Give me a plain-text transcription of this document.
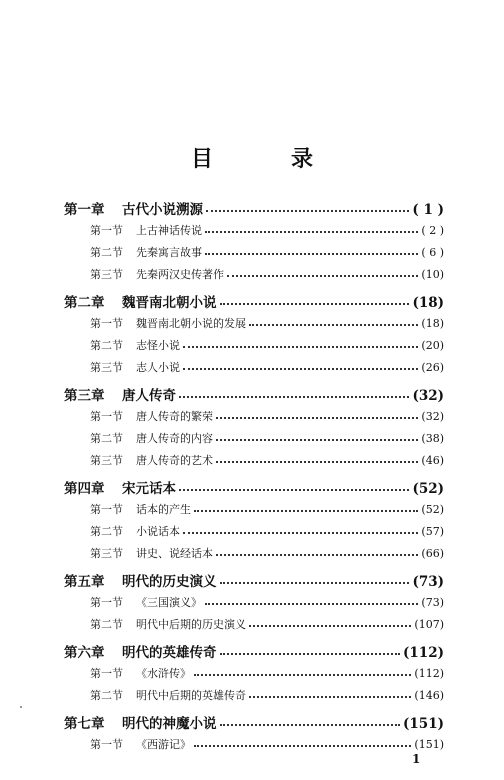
目　录
第一章	古代小说溯源	( 1 )
第一节	上古神话传说	( 2 )
第二节	先秦寓言故事	( 6 )
第三节	先秦两汉史传著作	(10)
第二章	魏晋南北朝小说	(18)
第一节	魏晋南北朝小说的发展	(18)
第二节	志怪小说	(20)
第三节	志人小说	(26)
第三章	唐人传奇	(32)
第一节	唐人传奇的繁荣	(32)
第二节	唐人传奇的内容	(38)
第三节	唐人传奇的艺术	(46)
第四章	宋元话本	(52)
第一节	话本的产生	(52)
第二节	小说话本	(57)
第三节	讲史、说经话本	(66)
第五章	明代的历史演义	(73)
第一节	《三国演义》	(73)
第二节	明代中后期的历史演义	(107)
第六章	明代的英雄传奇	(112)
第一节	《水浒传》	(112)
第二节	明代中后期的英雄传奇	(146)
第七章	明代的神魔小说	(151)
第一节	《西游记》	(151)
1
